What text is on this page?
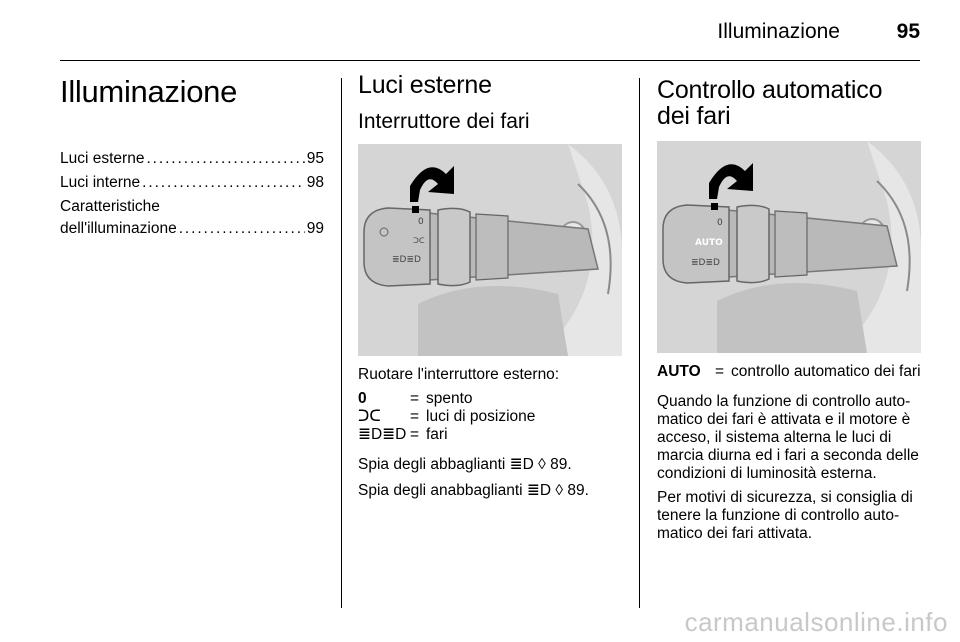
Illuminazione	95
Illuminazione
Luci esterne . . .	95
Luci interne . . .	98
Caratteristiche
dell'illuminazione . . .	99
Luci esterne
Interruttore dei fari
0
ᑐᑕ
≣D≣D

Ruotare l'interruttore esterno:

0	= spento
ᑐᑕ	= luci di posizione
≣D≣D = fari

Spia degli abbaglianti ≣D ◊ 89.

Spia degli anabbaglianti ≣D ◊ 89.

Controllo automatico dei fari
AUTO
0
≣D≣D
AUTO = controllo automatico dei fari

Quando la funzione di controllo auto-matico dei fari è attivata e il motore è acceso, il sistema alterna le luci di marcia diurna ed i fari a seconda delle condizioni di luminosità esterna.

Per motivi di sicurezza, si consiglia di tenere la funzione di controllo auto-matico dei fari attivata.

carmanualsonline.info
